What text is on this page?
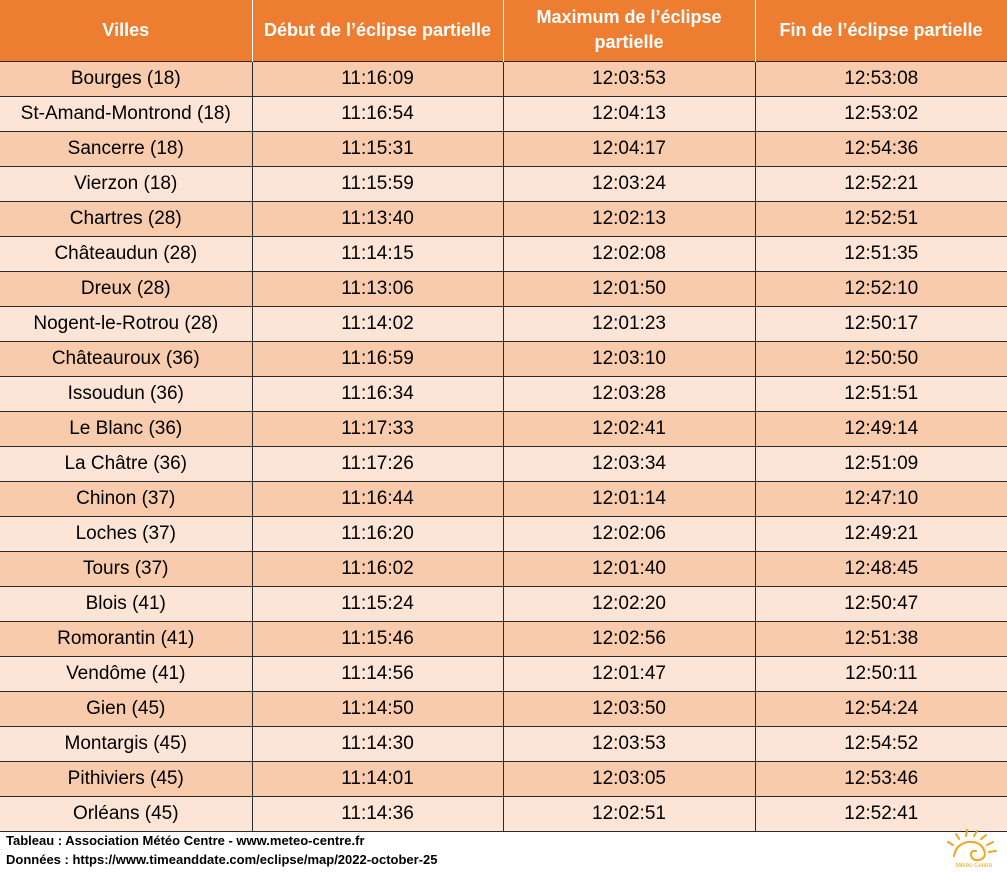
Villes	Début de l’éclipse partielle	Maximum de l’éclipse partielle	Fin de l’éclipse partielle
Bourges (18)	11:16:09	12:03:53	12:53:08
St-Amand-Montrond (18)	11:16:54	12:04:13	12:53:02
Sancerre (18)	11:15:31	12:04:17	12:54:36
Vierzon (18)	11:15:59	12:03:24	12:52:21
Chartres (28)	11:13:40	12:02:13	12:52:51
Châteaudun (28)	11:14:15	12:02:08	12:51:35
Dreux (28)	11:13:06	12:01:50	12:52:10
Nogent-le-Rotrou (28)	11:14:02	12:01:23	12:50:17
Châteauroux (36)	11:16:59	12:03:10	12:50:50
Issoudun (36)	11:16:34	12:03:28	12:51:51
Le Blanc (36)	11:17:33	12:02:41	12:49:14
La Châtre (36)	11:17:26	12:03:34	12:51:09
Chinon (37)	11:16:44	12:01:14	12:47:10
Loches (37)	11:16:20	12:02:06	12:49:21
Tours (37)	11:16:02	12:01:40	12:48:45
Blois (41)	11:15:24	12:02:20	12:50:47
Romorantin (41)	11:15:46	12:02:56	12:51:38
Vendôme (41)	11:14:56	12:01:47	12:50:11
Gien (45)	11:14:50	12:03:50	12:54:24
Montargis (45)	11:14:30	12:03:53	12:54:52
Pithiviers (45)	11:14:01	12:03:05	12:53:46
Orléans (45)	11:14:36	12:02:51	12:52:41
Tableau : Association Météo Centre - www.meteo-centre.fr
Données : https://www.timeanddate.com/eclipse/map/2022-october-25	Météo Centre
